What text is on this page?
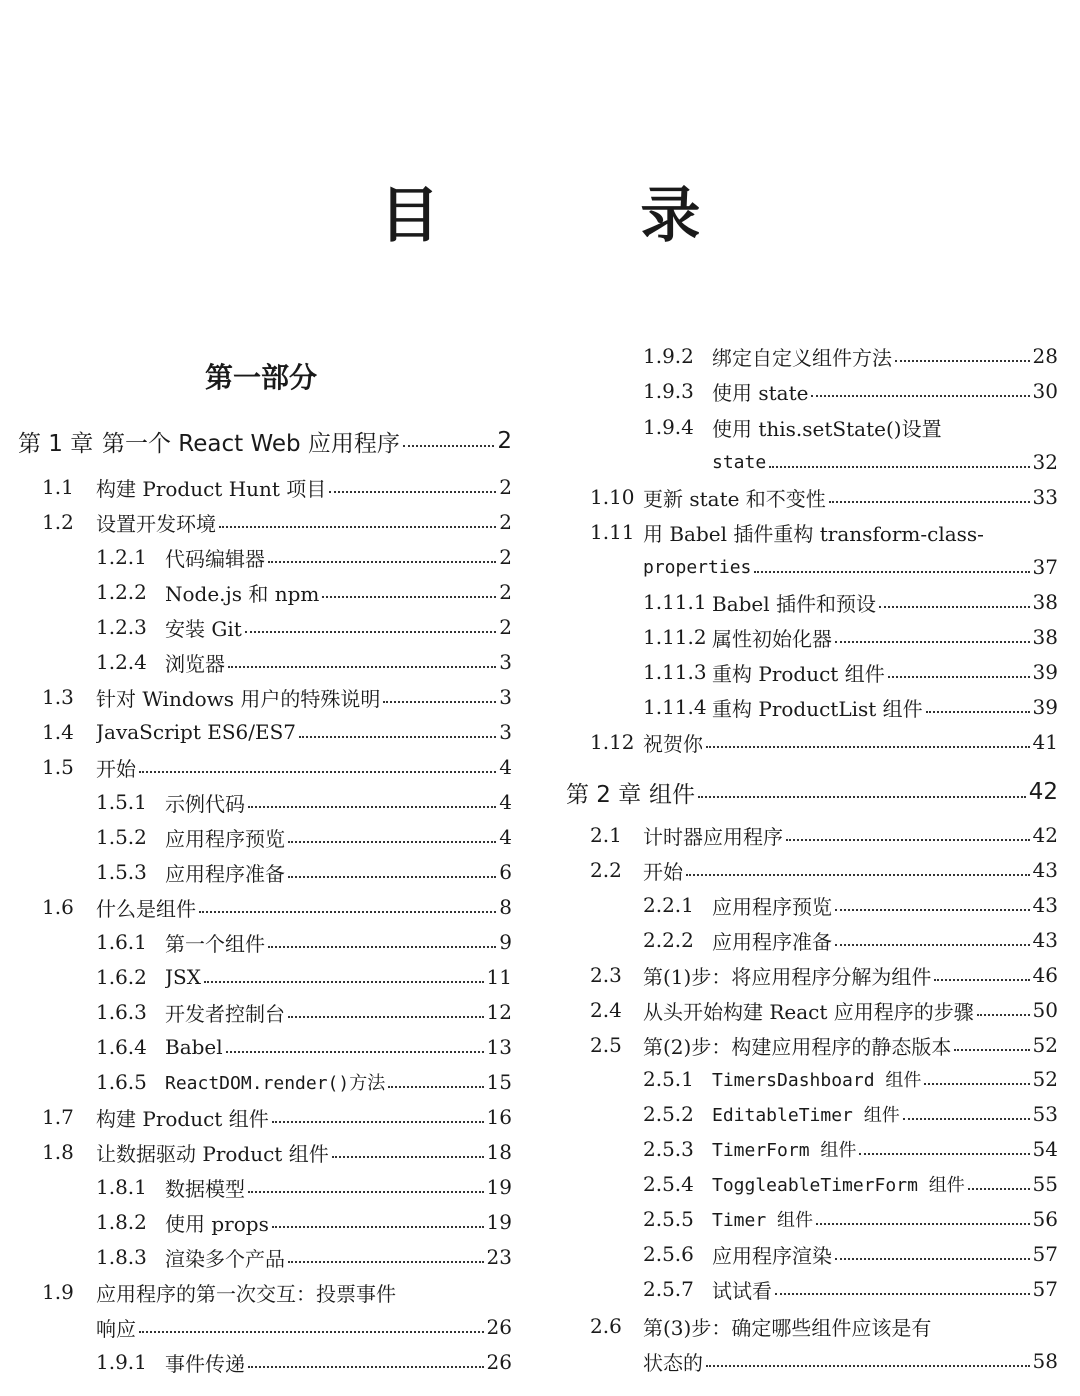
目 录
第一部分
第 1 章 第一个 React Web 应用程序	2
1.1	构建 Product Hunt 项目	2
1.2	设置开发环境	2
1.2.1 代码编辑器	2
1.2.2 Node.js 和 npm	2
1.2.3 安装 Git	2
1.2.4 浏览器	3
1.3	针对 Windows 用户的特殊说明	3
1.4	JavaScript ES6/ES7	3
1.5	开始	4
1.5.1 示例代码	4
1.5.2 应用程序预览	4
1.5.3 应用程序准备	6
1.6	什么是组件	8
1.6.1 第一个组件	9
1.6.2 JSX	11
1.6.3 开发者控制台	12
1.6.4 Babel	13
1.6.5	ReactDOM.render()方法	15
1.7	构建 Product 组件	16
1.8	让数据驱动 Product 组件	18
1.8.1 数据模型	19
1.8.2 使用 props	19
1.8.3 渲染多个产品	23
1.9	应用程序的第一次交互：投票事件
响应	26
1.9.1 事件传递	26
1.9.2 绑定自定义组件方法	28
1.9.3 使用 state	30
1.9.4 使用 this.setState()设置
state	32
1.10 更新 state 和不变性	33
1.11 用 Babel 插件重构 transform-class-
properties	37
1.11.1 Babel 插件和预设	38
1.11.2 属性初始化器	38
1.11.3 重构 Product 组件	39
1.11.4 重构 ProductList 组件	39
1.12 祝贺你	41
第 2 章 组件	42
2.1	计时器应用程序	42
2.2	开始	43
2.2.1 应用程序预览	43
2.2.2 应用程序准备	43
2.3	第(1)步：将应用程序分解为组件	46
2.4	从头开始构建 React 应用程序的步骤	50
2.5	第(2)步：构建应用程序的静态版本	52
2.5.1	TimersDashboard 组件	52
2.5.2	EditableTimer 组件	53
2.5.3	TimerForm 组件	54
2.5.4	ToggleableTimerForm 组件	55
2.5.5	Timer 组件	56
2.5.6 应用程序渲染	57
2.5.7 试试看	57
2.6	第(3)步：确定哪些组件应该是有
状态的	58
